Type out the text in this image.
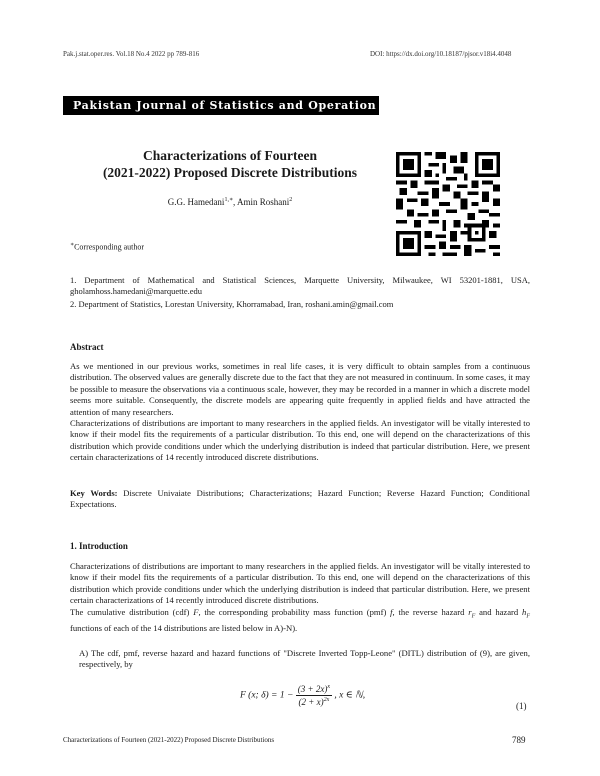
Pak.j.stat.oper.res. Vol.18 No.4 2022 pp 789-816	DOI: https://dx.doi.org/10.18187/pjsor.v18i4.4048
Pakistan Journal of Statistics and Operation Research
Characterizations of Fourteen
(2021-2022) Proposed Discrete Distributions
G.G. Hamedani$^{1,∗}$, Amin Roshani$^2$
∗Corresponding author
1. Department of Mathematical and Statistical Sciences, Marquette University, Milwaukee, WI 53201-1881, USA, gholamhoss.hamedani@marquette.edu
2. Department of Statistics, Lorestan University, Khorramabad, Iran, roshani.amin@gmail.com
Abstract
As we mentioned in our previous works, sometimes in real life cases, it is very difficult to obtain samples from a continuous distribution. The observed values are generally discrete due to the fact that they are not measured in continuum. In some cases, it may be possible to measure the observations via a continuous scale, however, they may be recorded in a manner in which a discrete model seems more suitable. Consequently, the discrete models are appearing quite frequently in applied fields and have attracted the attention of many researchers.
Characterizations of distributions are important to many researchers in the applied fields. An investigator will be vitally interested to know if their model fits the requirements of a particular distribution. To this end, one will depend on the characterizations of this distribution which provide conditions under which the underlying distribution is indeed that particular distribution. Here, we present certain characterizations of 14 recently introduced discrete distributions.
Key Words: Discrete Univaiate Distributions; Characterizations; Hazard Function; Reverse Hazard Function; Conditional Expectations.
1. Introduction
Characterizations of distributions are important to many researchers in the applied fields. An investigator will be vitally interested to know if their model fits the requirements of a particular distribution. To this end, one will depend on the characterizations of this distribution which provide conditions under which the underlying distribution is indeed that particular distribution. Here, we present certain characterizations of 14 recently introduced discrete distributions.
The cumulative distribution (cdf) F, the corresponding probability mass function (pmf) f, the reverse hazard $r_F$ and hazard $h_F$ functions of each of the 14 distributions are listed below in A)-N).
A) The cdf, pmf, reverse hazard and hazard functions of "Discrete Inverted Topp-Leone" (DITL) distribution of (9), are given, respectively, by
F (x; $\delta) = 1 - \frac{(3 + 2x)^x}{(2 + x)^{2x}}$ , x ∈ ℕ,
(1)
Characterizations of Fourteen (2021-2022) Proposed Discrete Distributions	789
